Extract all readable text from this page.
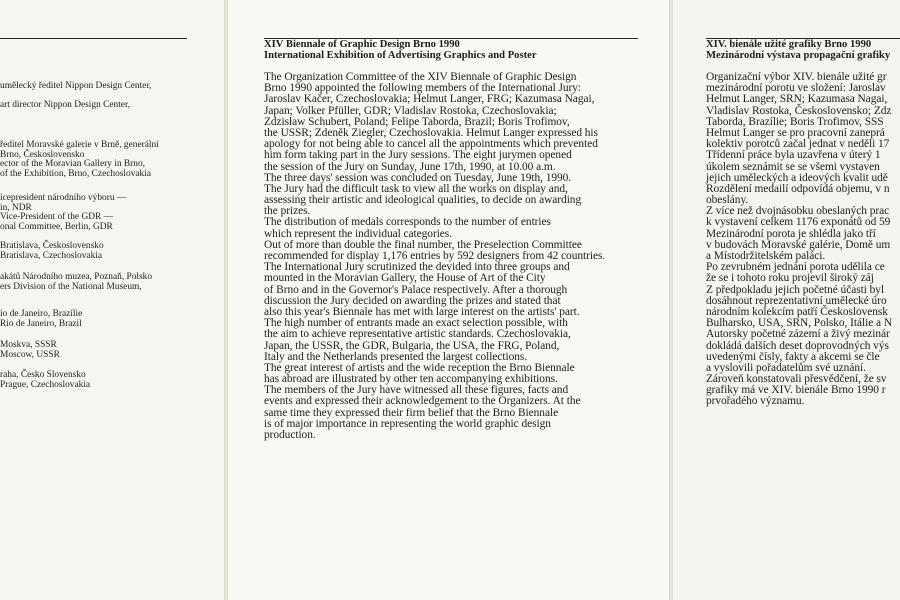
umělecký ředitel Nippon Design Center,
art director Nippon Design Center,
ředitel Moravské galerie v Brně, generální
Brno, Československo
ector of the Moravian Gallery in Brno,
of the Exhibition, Brno, Czechoslovakia
icepresident národního výboru —
in, NDR
Vice-President of the GDR —
onal Committee, Berlin, GDR
Bratislava, Československo
Bratislava, Czechoslovakia
akátů Národního muzea, Poznaň, Polsko
ers Division of the National Museum,
io de Janeiro, Brazílie
Rio de Janeiro, Brazil
Moskva, SSSR
Moscow, USSR
raha, Česko Slovensko
Prague, Czechoslovakia
XIV Biennale of Graphic Design Brno 1990
International Exhibition of Advertising Graphics and Poster
The Organization Committee of the XIV Biennale of Graphic Design
Brno 1990 appointed the following members of the International Jury:
Jaroslav Kačer, Czechoslovakia; Helmut Langer, FRG; Kazumasa Nagai,
Japan; Volker Pfüller, GDR; Vladislav Rostoka, Czechoslovakia;
Zdzisław Schubert, Poland; Felipe Taborda, Brazil; Boris Trofimov,
the USSR; Zdeněk Ziegler, Czechoslovakia. Helmut Langer expressed his
apology for not being able to cancel all the appointments which prevented
him form taking part in the Jury sessions. The eight jurymen opened
the session of the Jury on Sunday, June 17th, 1990, at 10.00 a.m.
The three days' session was concluded on Tuesday, June 19th, 1990.
The Jury had the difficult task to view all the works on display and,
assessing their artistic and ideological qualities, to decide on awarding
the prizes.
The distribution of medals corresponds to the number of entries
which represent the individual categories.
Out of more than double the final number, the Preselection Committee
recommended for display 1,176 entries by 592 designers from 42 countries.
The International Jury scrutinized the devided into three groups and
mounted in the Moravian Gallery, the House of Art of the City
of Brno and in the Governor's Palace respectively. After a thorough
discussion the Jury decided on awarding the prizes and stated that
also this year's Biennale has met with large interest on the artists' part.
The high number of entrants made an exact selection possible, with
the aim to achieve representative artistic standards. Czechoslovakia,
Japan, the USSR, the GDR, Bulgaria, the USA, the FRG, Poland,
Italy and the Netherlands presented the largest collections.
The great interest of artists and the wide reception the Brno Biennale
has abroad are illustrated by other ten accompanying exhibitions.
The members of the Jury have witnessed all these figures, facts and
events and expressed their acknowledgement to the Organizers. At the
same time they expressed their firm belief that the Brno Biennale
is of major importance in representing the world graphic design
production.
XIV. bienále užité grafiky Brno 1990
Mezinárodní výstava propagační grafiky
Organizační výbor XIV. bienále užité gr
mezinárodní porotu ve složení: Jaroslav
Helmut Langer, SRN; Kazumasa Nagai,
Vladislav Rostoka, Československo; Zdz
Taborda, Brazílie; Boris Trofimov, SSS
Helmut Langer se pro pracovní zaneprá
kolektiv porotců začal jednat v neděli 17
Třídenní práce byla uzavřena v úterý 1
úkolem seznámit se se všemi vystaven
jejich uměleckých a ideových kvalit udě
Rozdělení medailí odpovídá objemu, v n
obeslány.
Z více než dvojnásobku obeslaných prac
k vystavení celkem 1176 exponátů od 59
Mezinárodní porota je shlédla jako tří
v budovách Moravské galérie, Domě um
a Místodržitelském paláci.
Po zevrubném jednání porota udělila ce
že se i tohoto roku projevil široký záj
Z předpokladu jejich početné účasti byl
dosáhnout reprezentativní umělecké úro
národním kolekcím patří Československ
Bulharsko, USA, SRN, Polsko, Itálie a N
Autorsky početné zázemí a živý mezinár
dokládá dalších deset doprovodných výs
uvedenými čísly, fakty a akcemi se čle
a vyslovili pořadatelům své uznání.
Zároveň konstatovali přesvědčení, že sv
grafiky má ve XIV. bienále Brno 1990 r
prvořadého významu.
